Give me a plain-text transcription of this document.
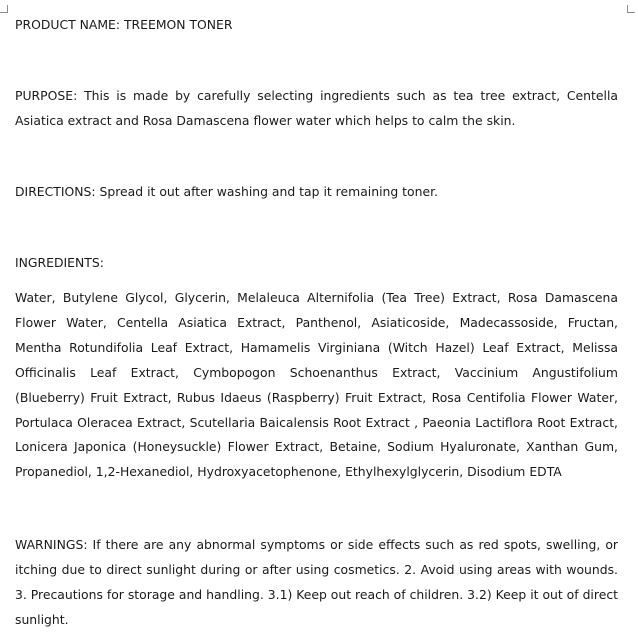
PRODUCT NAME: TREEMON TONER

PURPOSE: This is made by carefully selecting ingredients such as tea tree extract, Centella Asiatica extract and Rosa Damascena flower water which helps to calm the skin.

DIRECTIONS: Spread it out after washing and tap it remaining toner.

INGREDIENTS:

Water, Butylene Glycol, Glycerin, Melaleuca Alternifolia (Tea Tree) Extract, Rosa Damascena Flower Water, Centella Asiatica Extract, Panthenol, Asiaticoside, Madecassoside, Fructan, Mentha Rotundifolia Leaf Extract, Hamamelis Virginiana (Witch Hazel) Leaf Extract, Melissa Officinalis Leaf Extract, Cymbopogon Schoenanthus Extract, Vaccinium Angustifolium (Blueberry) Fruit Extract, Rubus Idaeus (Raspberry) Fruit Extract, Rosa Centifolia Flower Water, Portulaca Oleracea Extract, Scutellaria Baicalensis Root Extract , Paeonia Lactiflora Root Extract, Lonicera Japonica (Honeysuckle) Flower Extract, Betaine, Sodium Hyaluronate, Xanthan Gum, Propanediol, 1,2-Hexanediol, Hydroxyacetophenone, Ethylhexylglycerin, Disodium EDTA

WARNINGS: If there are any abnormal symptoms or side effects such as red spots, swelling, or itching due to direct sunlight during or after using cosmetics. 2. Avoid using areas with wounds. 3. Precautions for storage and handling. 3.1) Keep out reach of children. 3.2) Keep it out of direct sunlight.
